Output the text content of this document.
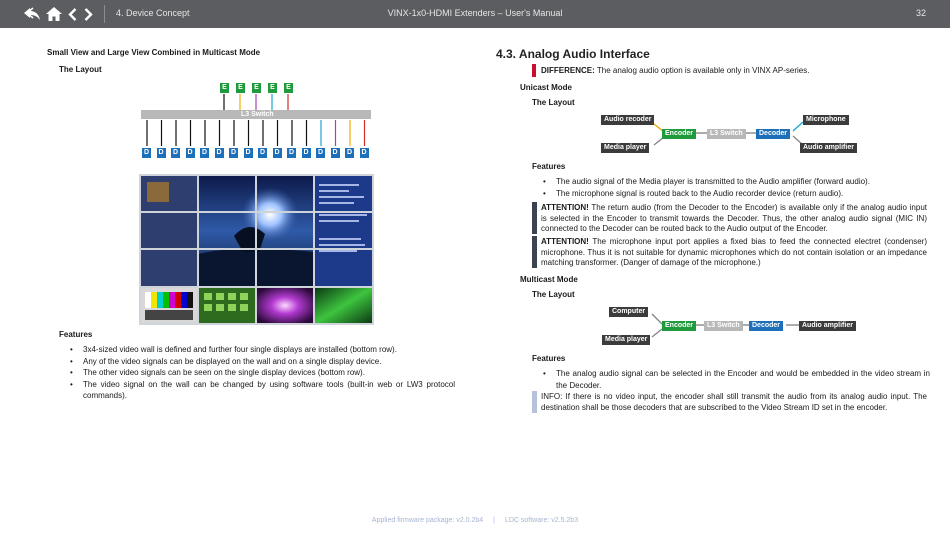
4. Device Concept	VINX-1x0-HDMI Extenders – User's Manual	32
Small View and Large View Combined in Multicast Mode
The Layout
L3 Switch
E	E	E	E	E
D D D D D D D D D D D D D D D D
Features
• 3x4-sized video wall is defined and further four single displays are installed (bottom row).
• Any of the video signals can be displayed on the wall and on a single display device.
• The other video signals can be seen on the single display devices (bottom row).
• The video signal on the wall can be changed by using software tools (built-in web or LW3 protocol commands).
4.3. Analog Audio Interface
DIFFERENCE: The analog audio option is available only in VINX AP-series.
Unicast Mode
The Layout
Audio recoder
Media player
Encoder	L3 Switch	Decoder
Microphone
Audio amplifier
Features
• The audio signal of the Media player is transmitted to the Audio amplifier (forward audio).
• The microphone signal is routed back to the Audio recorder device (return audio).
ATTENTION! The return audio (from the Decoder to the Encoder) is available only if the analog audio input is selected in the Encoder to transmit towards the Decoder. Thus, the other analog audio signal (MIC IN) connected to the Decoder can be routed back to the Audio output of the Encoder.
ATTENTION! The microphone input port applies a fixed bias to feed the connected electret (condenser) microphone. Thus it is not suitable for dynamic microphones which do not contain isolation or an impedance matching transformer. (Danger of damage of the microphone.)
Multicast Mode
The Layout
Computer
Media player
Encoder	L3 Switch	Decoder	Audio amplifier
Features
• The analog audio signal can be selected in the Encoder and would be embedded in the video stream in the Decoder.
INFO: If there is no video input, the encoder shall still transmit the audio from its analog audio input. The destination shall be those decoders that are subscribed to the Video Stream ID set in the encoder.
Applied firmware package: v2.0.2b4 | LDC software: v2.5.2b3
